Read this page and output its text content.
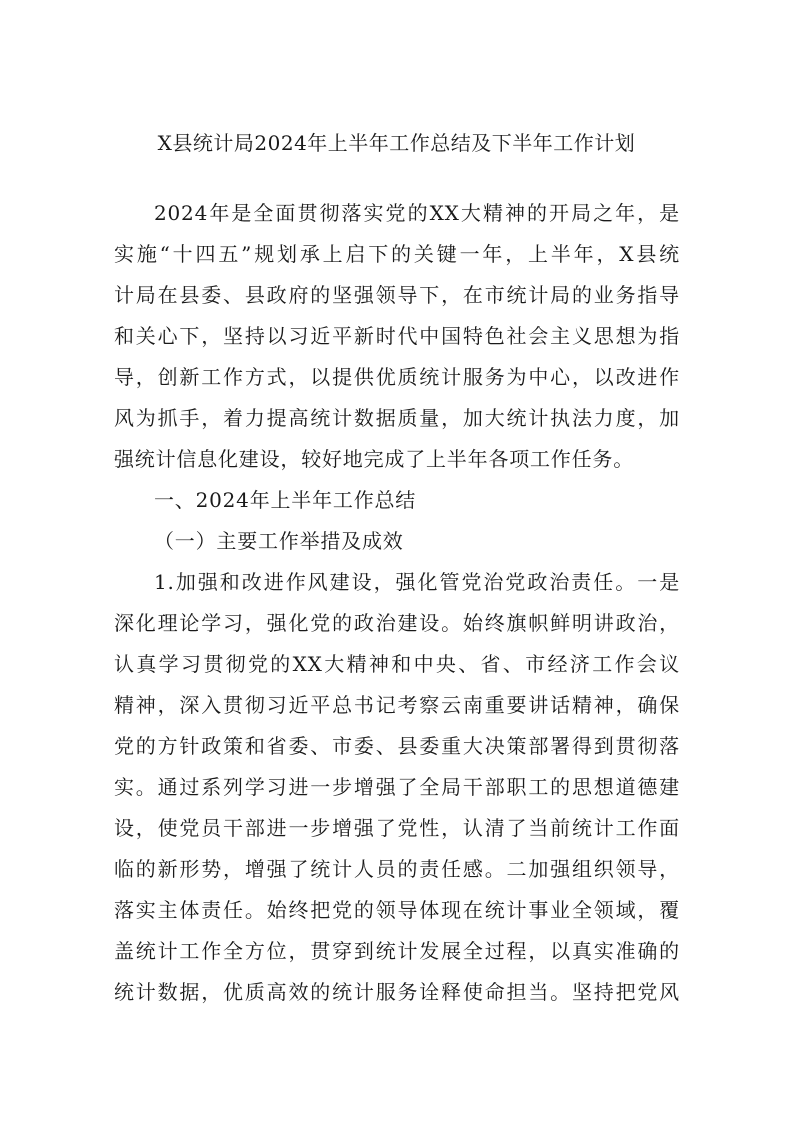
X县统计局2024年上半年工作总结及下半年工作计划
2024年是全面贯彻落实党的XX大精神的开局之年，是
实施“十四五”规划承上启下的关键一年，上半年，X县统
计局在县委、县政府的坚强领导下，在市统计局的业务指导
和关心下，坚持以习近平新时代中国特色社会主义思想为指
导，创新工作方式，以提供优质统计服务为中心，以改进作
风为抓手，着力提高统计数据质量，加大统计执法力度，加
强统计信息化建设，较好地完成了上半年各项工作任务。
一、2024年上半年工作总结
（一）主要工作举措及成效
1.加强和改进作风建设，强化管党治党政治责任。一是
深化理论学习，强化党的政治建设。始终旗帜鲜明讲政治，
认真学习贯彻党的XX大精神和中央、省、市经济工作会议
精神，深入贯彻习近平总书记考察云南重要讲话精神，确保
党的方针政策和省委、市委、县委重大决策部署得到贯彻落
实。通过系列学习进一步增强了全局干部职工的思想道德建
设，使党员干部进一步增强了党性，认清了当前统计工作面
临的新形势，增强了统计人员的责任感。二加强组织领导，
落实主体责任。始终把党的领导体现在统计事业全领域，覆
盖统计工作全方位，贯穿到统计发展全过程，以真实准确的
统计数据，优质高效的统计服务诠释使命担当。坚持把党风
